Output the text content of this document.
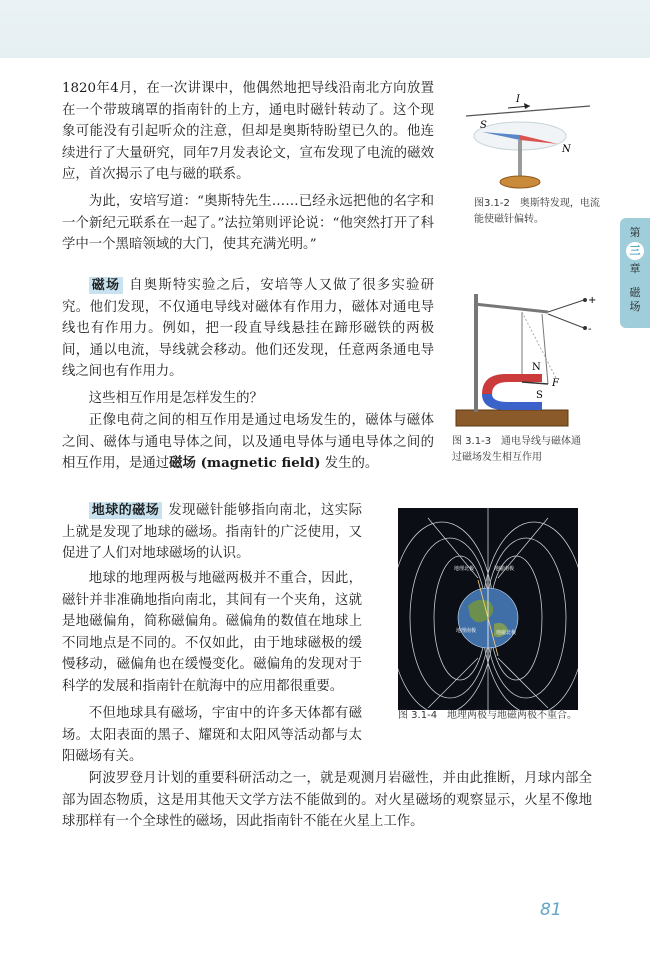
1820年4月，在一次讲课中，他偶然地把导线沿南北方向放置在一个带玻璃罩的指南针的上方，通电时磁针转动了。这个现象可能没有引起听众的注意，但却是奥斯特盼望已久的。他连续进行了大量研究，同年7月发表论文，宣布发现了电流的磁效应，首次揭示了电与磁的联系。

为此，安培写道：“奥斯特先生……已经永远把他的名字和一个新纪元联系在一起了。”法拉第则评论说：“他突然打开了科学中一个黑暗领域的大门，使其充满光明。”

磁场 自奥斯特实验之后，安培等人又做了很多实验研究。他们发现，不仅通电导线对磁体有作用力，磁体对通电导线也有作用力。例如，把一段直导线悬挂在蹄形磁铁的两极间，通以电流，导线就会移动。他们还发现，任意两条通电导线之间也有作用力。

这些相互作用是怎样发生的？

正像电荷之间的相互作用是通过电场发生的，磁体与磁体之间、磁体与通电导体之间，以及通电导体与通电导体之间的相互作用，是通过磁场 (magnetic field) 发生的。

地球的磁场 发现磁针能够指向南北，这实际上就是发现了地球的磁场。指南针的广泛使用，又促进了人们对地球磁场的认识。

地球的地理两极与地磁两极并不重合，因此，磁针并非准确地指向南北，其间有一个夹角，这就是地磁偏角，简称磁偏角。磁偏角的数值在地球上不同地点是不同的。不仅如此，由于地球磁极的缓慢移动，磁偏角也在缓慢变化。磁偏角的发现对于科学的发展和指南针在航海中的应用都很重要。

不但地球具有磁场，宇宙中的许多天体都有磁场。太阳表面的黑子、耀斑和太阳风等活动都与太阳磁场有关。

阿波罗登月计划的重要科研活动之一，就是观测月岩磁性，并由此推断，月球内部全部为固态物质，这是用其他天文学方法不能做到的。对火星磁场的观察显示，火星不像地球那样有一个全球性的磁场，因此指南针不能在火星上工作。

I
S
N
图3.1-2　奥斯特发现，电流能使磁针偏转。
第
三
章
磁
场
+
-
N
S
F
图 3.1-3　通电导线与磁体通过磁场发生相互作用
地理北极	地磁南极
地理南极	地磁北极
图 3.1-4　地理两极与地磁两极不重合。
81
